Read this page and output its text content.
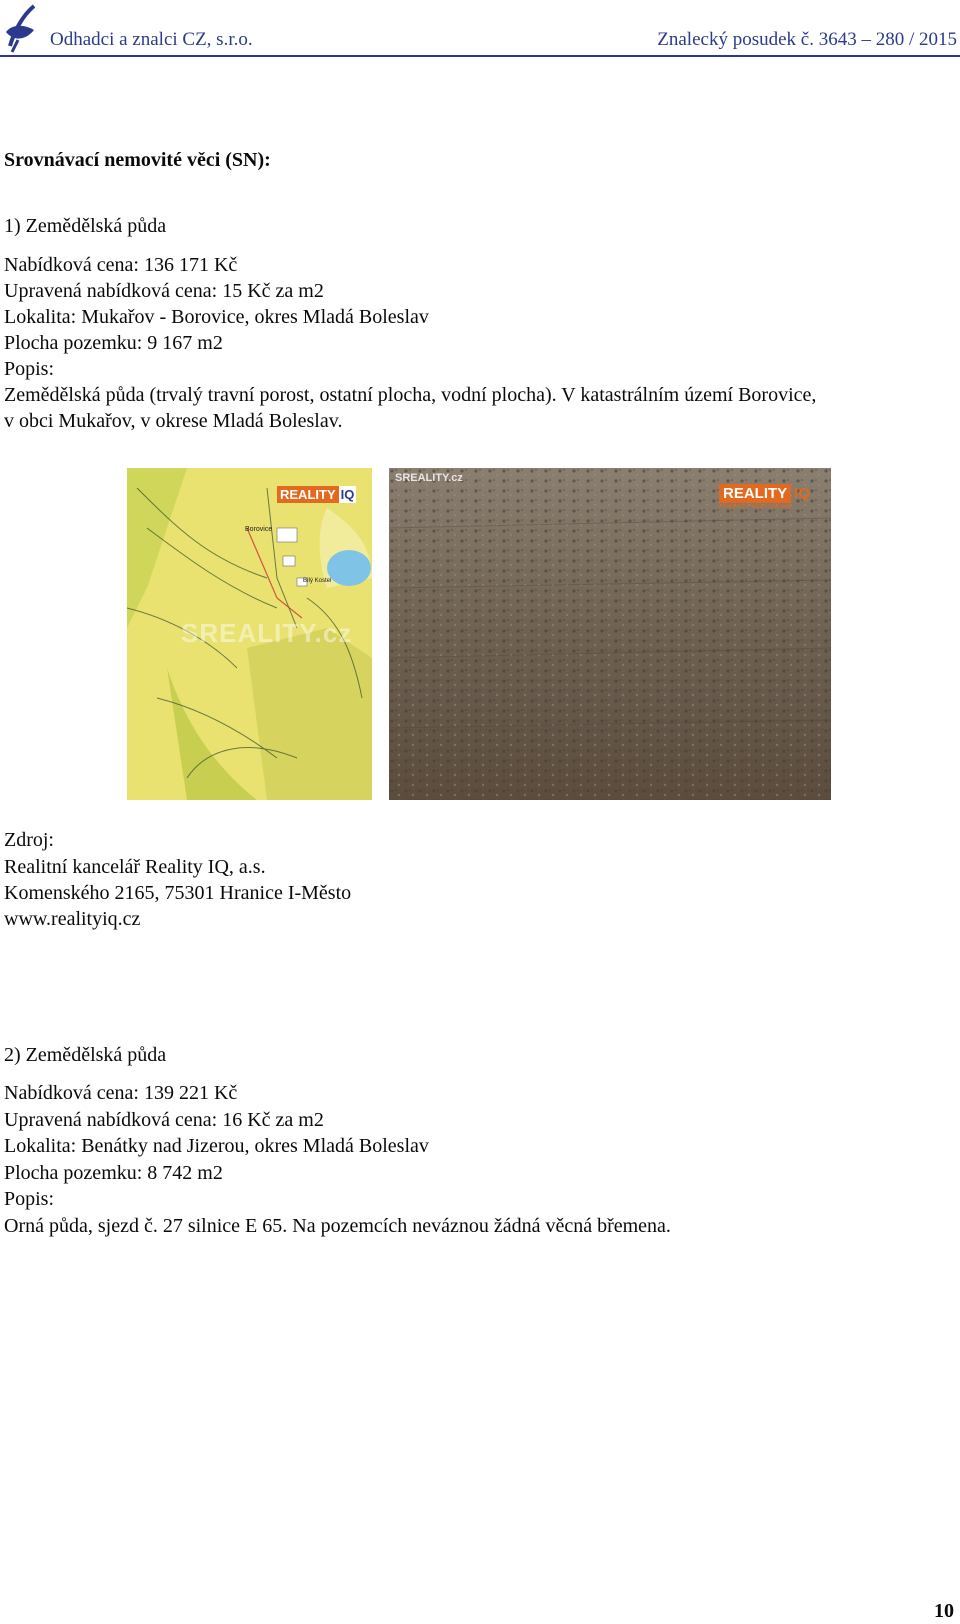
Odhadci a znalci CZ, s.r.o.	Znalecký posudek č. 3643 – 280 / 2015
Srovnávací nemovité věci (SN):
1) Zemědělská půda
Nabídková cena: 136 171 Kč
Upravená nabídková cena: 15 Kč za m2
Lokalita: Mukařov - Borovice, okres Mladá Boleslav
Plocha pozemku: 9 167 m2
Popis:
Zemědělská půda (trvalý travní porost, ostatní plocha, vodní plocha). V katastrálním území Borovice,
v obci Mukařov, v okrese Mladá Boleslav.
Borovice
Bílý Kostel
SREALITY.cz
REALITY IQ
SREALITY.cz
REALITY IQ
inteligentní realitní kancelář
Zdroj:
Realitní kancelář Reality IQ, a.s.
Komenského 2165, 75301 Hranice I-Město
www.realityiq.cz
2) Zemědělská půda
Nabídková cena: 139 221 Kč
Upravená nabídková cena: 16 Kč za m2
Lokalita: Benátky nad Jizerou, okres Mladá Boleslav
Plocha pozemku: 8 742 m2
Popis:
Orná půda, sjezd č. 27 silnice E 65. Na pozemcích neváznou žádná věcná břemena.
10
